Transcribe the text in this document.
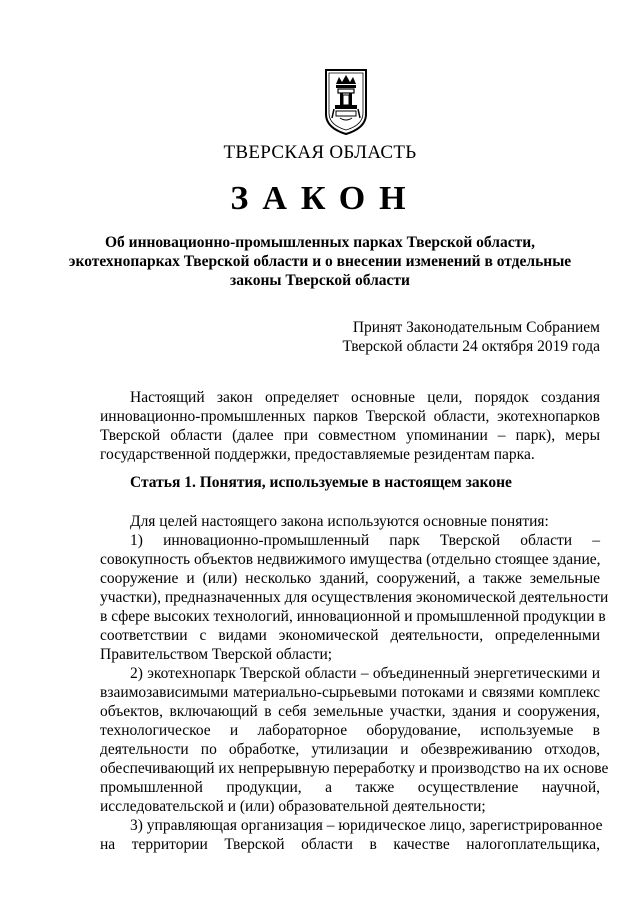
ТВЕРСКАЯ ОБЛАСТЬ
ЗАКОН
Об инновационно-промышленных парках Тверской области,
экотехнопарках Тверской области и о внесении изменений в отдельные
законы Тверской области
Принят Законодательным Собранием
Тверской области 24 октября 2019 года
Настоящий закон определяет основные цели, порядок создания
инновационно-промышленных парков Тверской области, экотехнопарков
Тверской области (далее при совместном упоминании – парк), меры
государственной поддержки, предоставляемые резидентам парка.
Статья 1. Понятия, используемые в настоящем законе
Для целей настоящего закона используются основные понятия:
1) инновационно-промышленный парк Тверской области –
совокупность объектов недвижимого имущества (отдельно стоящее здание,
сооружение и (или) несколько зданий, сооружений, а также земельные
участки), предназначенных для осуществления экономической деятельности
в сфере высоких технологий, инновационной и промышленной продукции в
соответствии с видами экономической деятельности, определенными
Правительством Тверской области;
2) экотехнопарк Тверской области – объединенный энергетическими и
взаимозависимыми материально-сырьевыми потоками и связями комплекс
объектов, включающий в себя земельные участки, здания и сооружения,
технологическое и лабораторное оборудование, используемые в
деятельности по обработке, утилизации и обезвреживанию отходов,
обеспечивающий их непрерывную переработку и производство на их основе
промышленной продукции, а также осуществление научной,
исследовательской и (или) образовательной деятельности;
3) управляющая организация – юридическое лицо, зарегистрированное
на территории Тверской области в качестве налогоплательщика,
